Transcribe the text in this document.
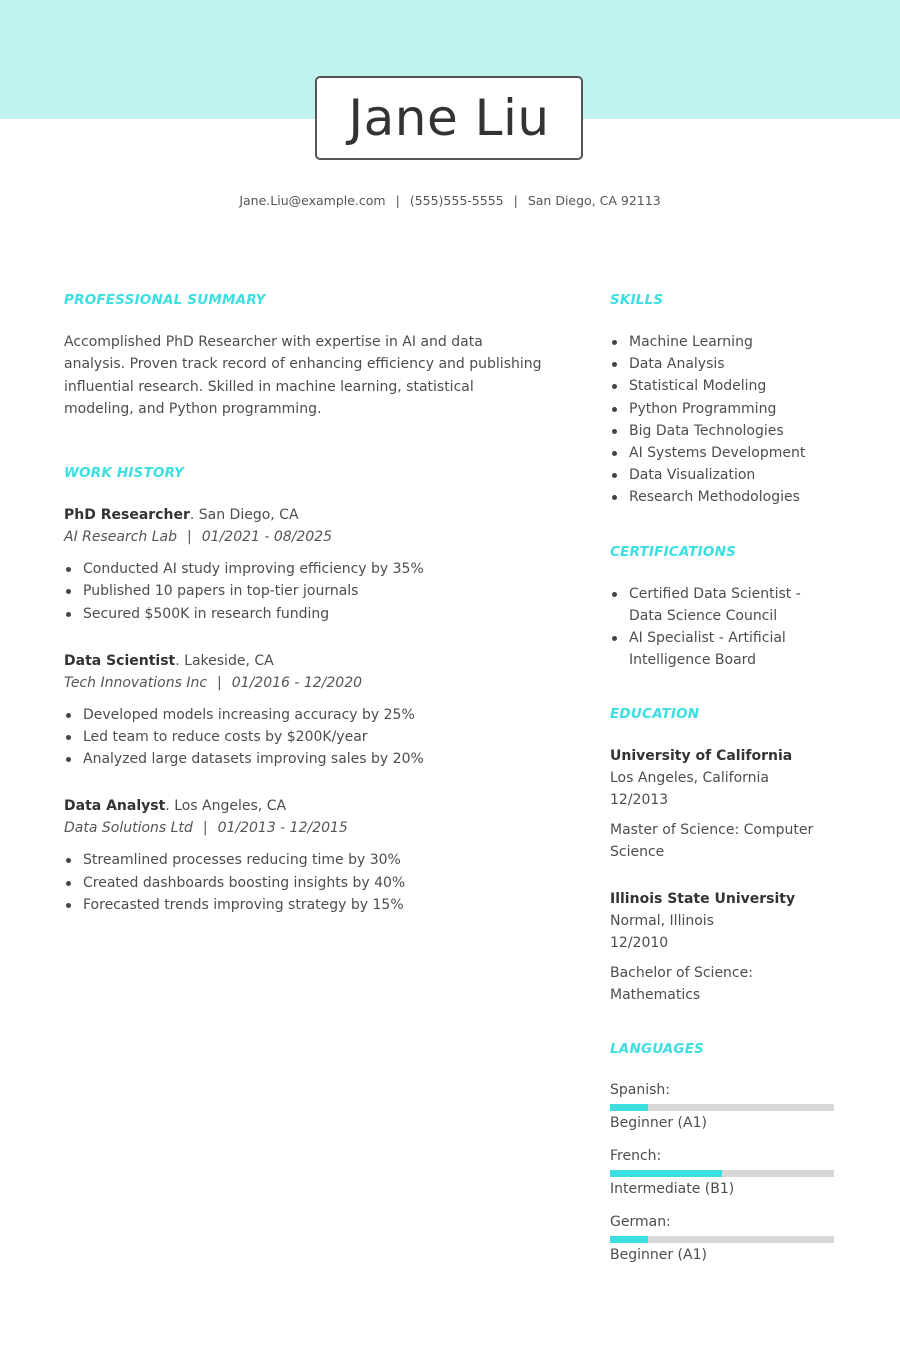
Jane Liu
Jane.Liu@example.com | (555)555-5555 | San Diego, CA 92113
PROFESSIONAL SUMMARY

Accomplished PhD Researcher with expertise in AI and data analysis. Proven track record of enhancing efficiency and publishing influential research. Skilled in machine learning, statistical modeling, and Python programming.

WORK HISTORY
PhD Researcher. San Diego, CA
AI Research Lab | 01/2021 - 08/2025
Conducted AI study improving efficiency by 35%
Published 10 papers in top-tier journals
Secured $500K in research funding
Data Scientist. Lakeside, CA
Tech Innovations Inc | 01/2016 - 12/2020
Developed models increasing accuracy by 25%
Led team to reduce costs by $200K/year
Analyzed large datasets improving sales by 20%
Data Analyst. Los Angeles, CA
Data Solutions Ltd | 01/2013 - 12/2015
Streamlined processes reducing time by 30%
Created dashboards boosting insights by 40%
Forecasted trends improving strategy by 15%
SKILLS
Machine Learning
Data Analysis
Statistical Modeling
Python Programming
Big Data Technologies
AI Systems Development
Data Visualization
Research Methodologies
CERTIFICATIONS
Certified Data Scientist - Data Science Council
AI Specialist - Artificial Intelligence Board
EDUCATION
University of California
Los Angeles, California
12/2013
Master of Science: Computer Science
Illinois State University
Normal, Illinois
12/2010
Bachelor of Science: Mathematics
LANGUAGES
Spanish:
Beginner (A1)
French:
Intermediate (B1)
German:
Beginner (A1)
